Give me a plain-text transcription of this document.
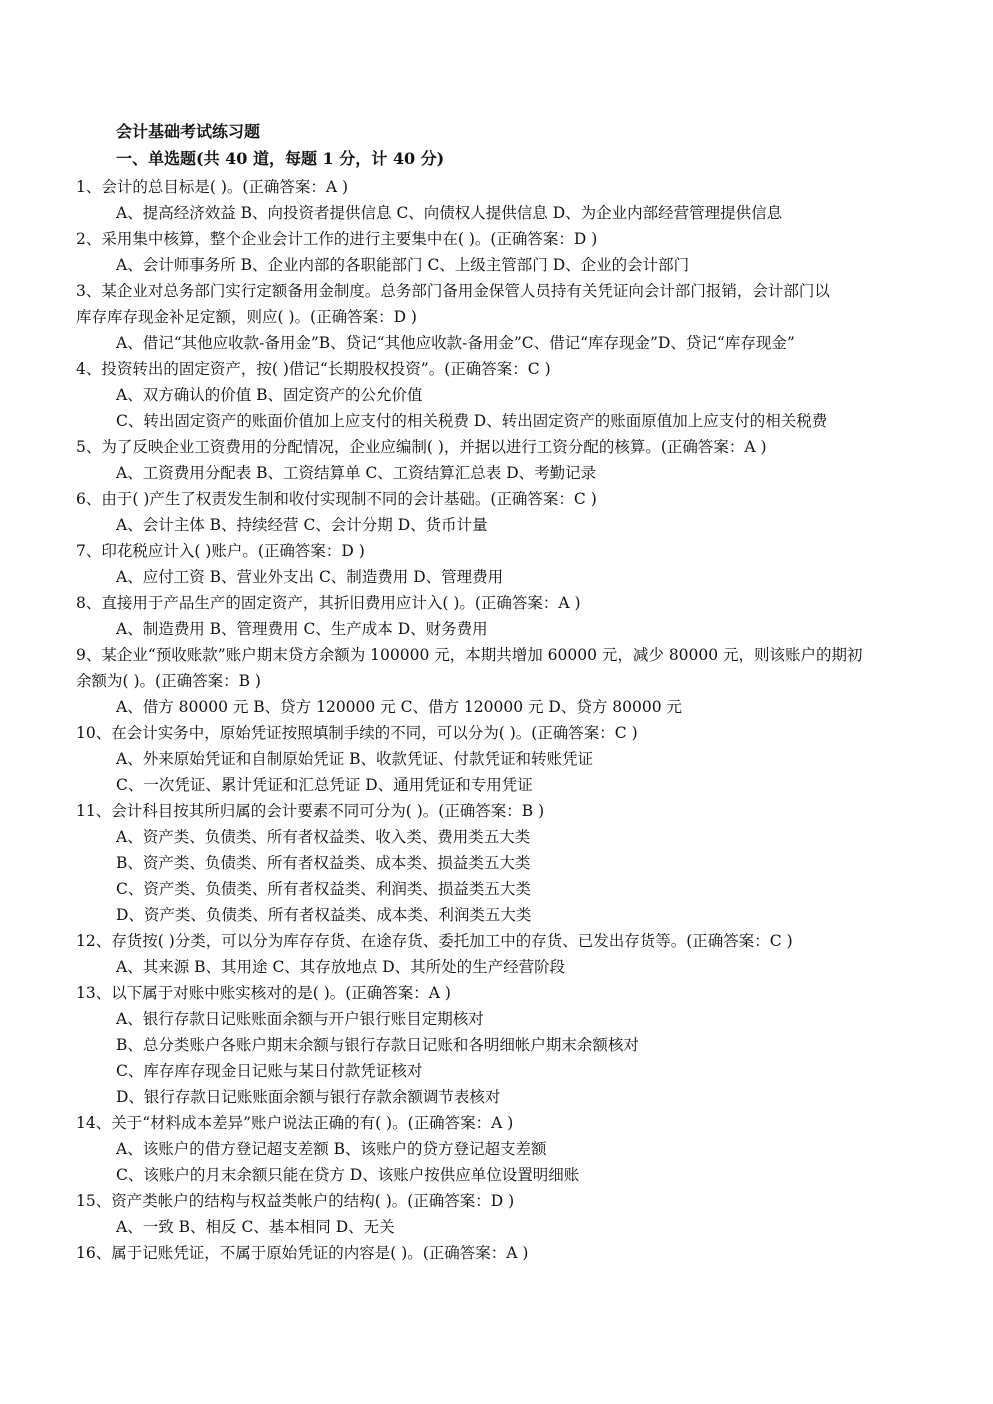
会计基础考试练习题
一、单选题(共 40 道，每题 1 分，计 40 分)
1、会计的总目标是( )。(正确答案：A )
A、提高经济效益 B、向投资者提供信息 C、向债权人提供信息 D、为企业内部经营管理提供信息
2、采用集中核算，整个企业会计工作的进行主要集中在( )。(正确答案：D )
A、会计师事务所 B、企业内部的各职能部门 C、上级主管部门 D、企业的会计部门
3、某企业对总务部门实行定额备用金制度。总务部门备用金保管人员持有关凭证向会计部门报销，会计部门以
库存库存现金补足定额，则应( )。(正确答案：D )
A、借记“其他应收款-备用金”B、贷记“其他应收款-备用金”C、借记“库存现金”D、贷记“库存现金”
4、投资转出的固定资产，按( )借记“长期股权投资”。(正确答案：C )
A、双方确认的价值 B、固定资产的公允价值
C、转出固定资产的账面价值加上应支付的相关税费 D、转出固定资产的账面原值加上应支付的相关税费
5、为了反映企业工资费用的分配情况，企业应编制( )，并据以进行工资分配的核算。(正确答案：A )
A、工资费用分配表 B、工资结算单 C、工资结算汇总表 D、考勤记录
6、由于( )产生了权责发生制和收付实现制不同的会计基础。(正确答案：C )
A、会计主体 B、持续经营 C、会计分期 D、货币计量
7、印花税应计入( )账户。(正确答案：D )
A、应付工资 B、营业外支出 C、制造费用 D、管理费用
8、直接用于产品生产的固定资产，其折旧费用应计入( )。(正确答案：A )
A、制造费用 B、管理费用 C、生产成本 D、财务费用
9、某企业“预收账款”账户期末贷方余额为 100000 元，本期共增加 60000 元，减少 80000 元，则该账户的期初
余额为( )。(正确答案：B )
A、借方 80000 元 B、贷方 120000 元 C、借方 120000 元 D、贷方 80000 元
10、在会计实务中，原始凭证按照填制手续的不同，可以分为( )。(正确答案：C )
A、外来原始凭证和自制原始凭证 B、收款凭证、付款凭证和转账凭证
C、一次凭证、累计凭证和汇总凭证 D、通用凭证和专用凭证
11、会计科目按其所归属的会计要素不同可分为( )。(正确答案：B )
A、资产类、负债类、所有者权益类、收入类、费用类五大类
B、资产类、负债类、所有者权益类、成本类、损益类五大类
C、资产类、负债类、所有者权益类、利润类、损益类五大类
D、资产类、负债类、所有者权益类、成本类、利润类五大类
12、存货按( )分类，可以分为库存存货、在途存货、委托加工中的存货、已发出存货等。(正确答案：C )
A、其来源 B、其用途 C、其存放地点 D、其所处的生产经营阶段
13、以下属于对账中账实核对的是( )。(正确答案：A )
A、银行存款日记账账面余额与开户银行账目定期核对
B、总分类账户各账户期末余额与银行存款日记账和各明细帐户期末余额核对
C、库存库存现金日记账与某日付款凭证核对
D、银行存款日记账账面余额与银行存款余额调节表核对
14、关于“材料成本差异”账户说法正确的有( )。(正确答案：A )
A、该账户的借方登记超支差额 B、该账户的贷方登记超支差额
C、该账户的月末余额只能在贷方 D、该账户按供应单位设置明细账
15、资产类帐户的结构与权益类帐户的结构( )。(正确答案：D )
A、一致 B、相反 C、基本相同 D、无关
16、属于记账凭证，不属于原始凭证的内容是( )。(正确答案：A )
